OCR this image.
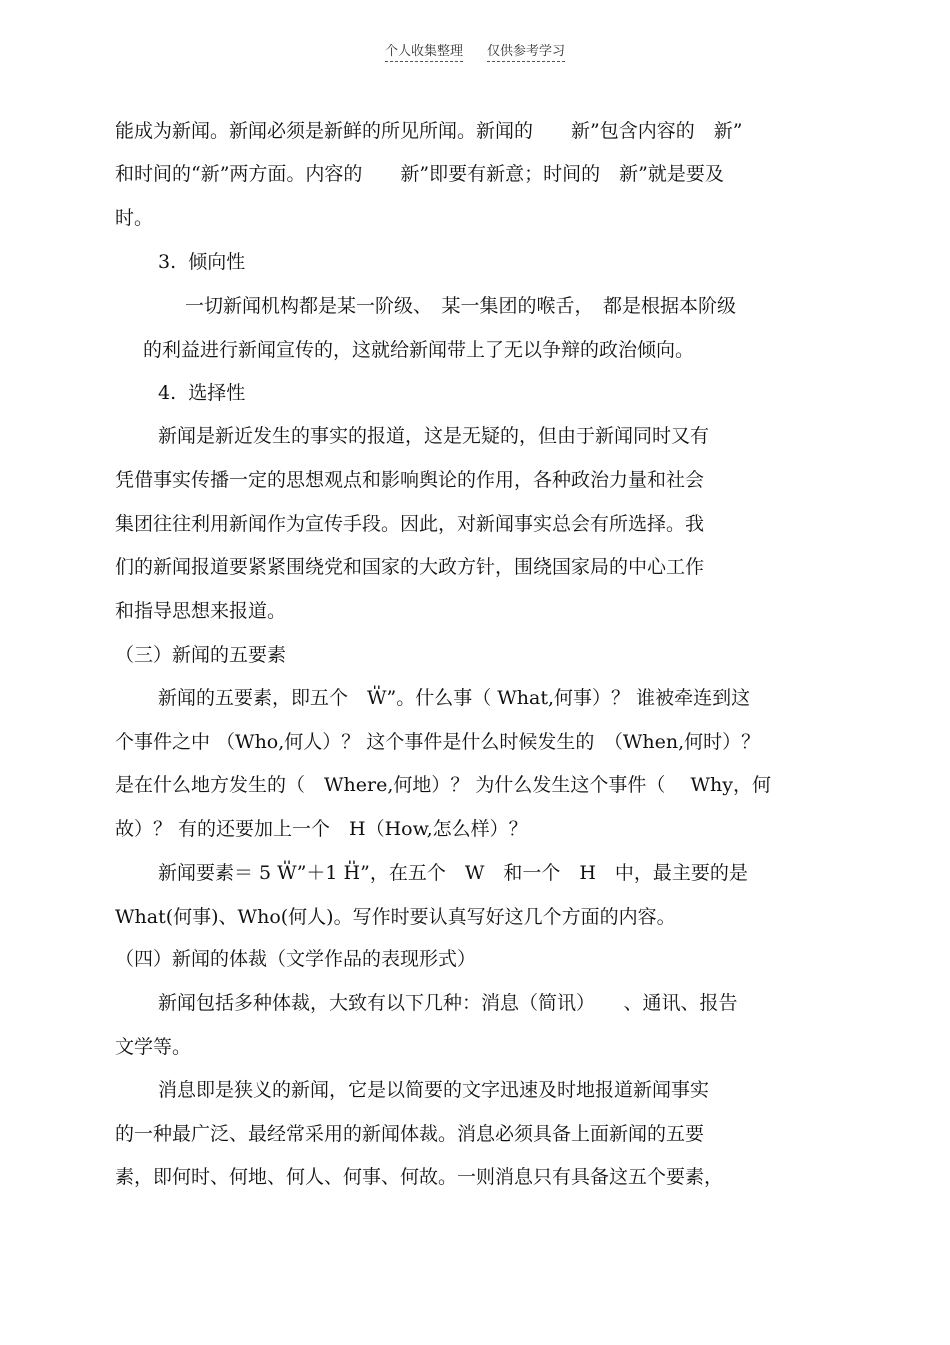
个人收集整理 仅供参考学习
能成为新闻。新闻必须是新鲜的所见所闻。新闻的　　新”包含内容的　新”
和时间的“新”两方面。内容的　　新”即要有新意；时间的　新”就是要及
时。
3.  倾向性
一切新闻机构都是某一阶级、　某一集团的喉舌，　都是根据本阶级
的利益进行新闻宣传的，这就给新闻带上了无以争辩的政治倾向。
4.  选择性
新闻是新近发生的事实的报道，这是无疑的，但由于新闻同时又有
凭借事实传播一定的思想观点和影响舆论的作用，各种政治力量和社会
集团往往利用新闻作为宣传手段。因此，对新闻事实总会有所选择。我
们的新闻报道要紧紧围绕党和国家的大政方针，围绕国家局的中心工作
和指导思想来报道。
（三）新闻的五要素
新闻的五要素，即五个　W̎”。什么事（ What,何事）？ 谁被牵连到这
个事件之中 （Who,何人）？ 这个事件是什么时候发生的　（When,何时）？
是在什么地方发生的（　Where,何地）？ 为什么发生这个事件（　 Why，何
故）？ 有的还要加上一个　H（How,怎么样）？
新闻要素＝ 5 W̎”＋1 H̎”，在五个　W　和一个　H　中，最主要的是
What(何事)、Who(何人)。写作时要认真写好这几个方面的内容。
（四）新闻的体裁（文学作品的表现形式）
新闻包括多种体裁，大致有以下几种：消息（简讯）　　、通讯、报告
文学等。
消息即是狭义的新闻，它是以简要的文字迅速及时地报道新闻事实
的一种最广泛、最经常采用的新闻体裁。消息必须具备上面新闻的五要
素，即何时、何地、何人、何事、何故。一则消息只有具备这五个要素，
